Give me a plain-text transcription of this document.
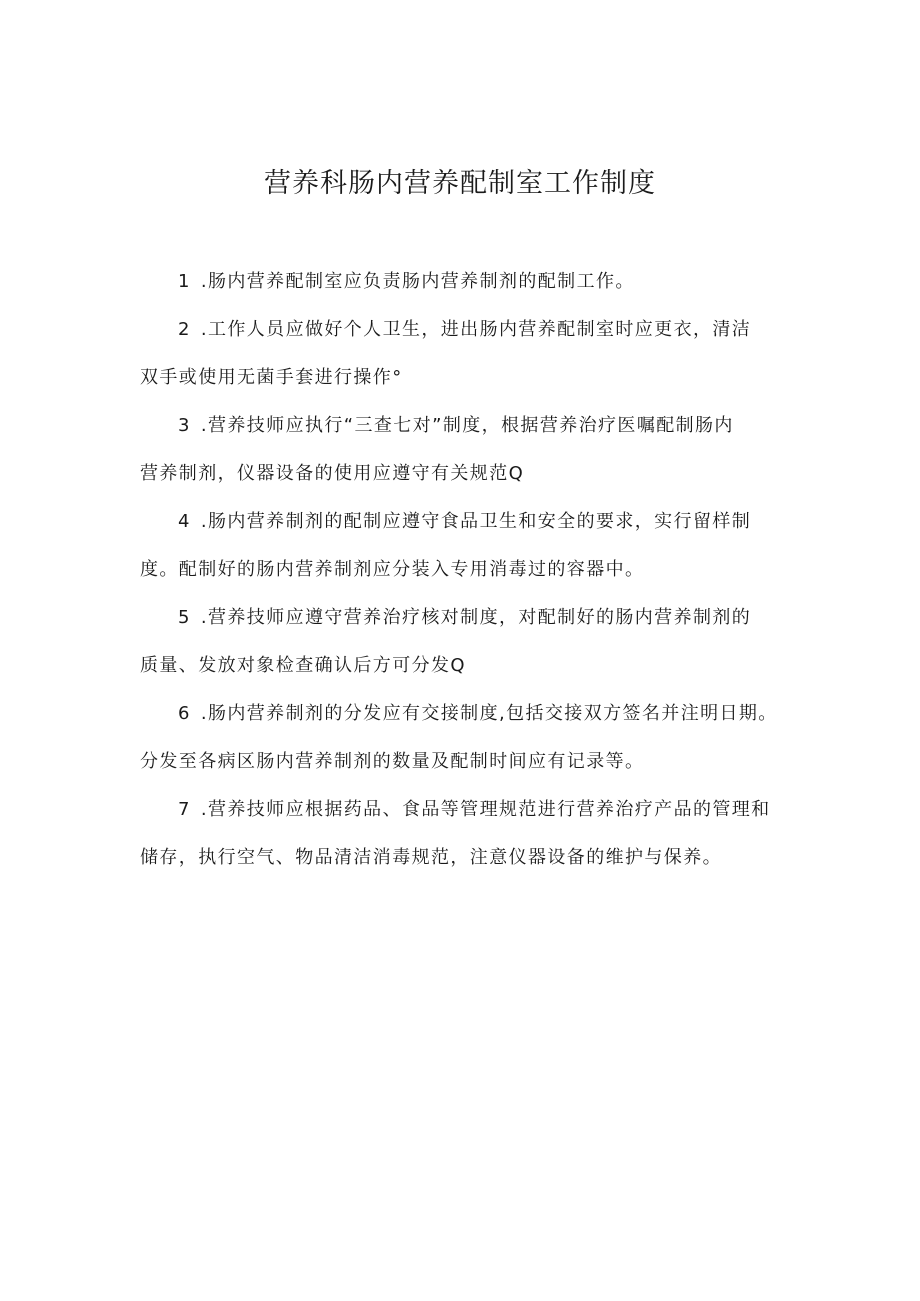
营养科肠内营养配制室工作制度

1 .肠内营养配制室应负责肠内营养制剂的配制工作。

2 .工作人员应做好个人卫生，进出肠内营养配制室时应更衣，清洁
双手或使用无菌手套进行操作°

3 .营养技师应执行“三查七对”制度，根据营养治疗医嘱配制肠内
营养制剂，仪器设备的使用应遵守有关规范Q

4 .肠内营养制剂的配制应遵守食品卫生和安全的要求，实行留样制
度。配制好的肠内营养制剂应分装入专用消毒过的容器中。

5 .营养技师应遵守营养治疗核对制度，对配制好的肠内营养制剂的
质量、发放对象检查确认后方可分发Q

6 .肠内营养制剂的分发应有交接制度,包括交接双方签名并注明日期。
分发至各病区肠内营养制剂的数量及配制时间应有记录等。

7 .营养技师应根据药品、食品等管理规范进行营养治疗产品的管理和
储存，执行空气、物品清洁消毒规范，注意仪器设备的维护与保养。
